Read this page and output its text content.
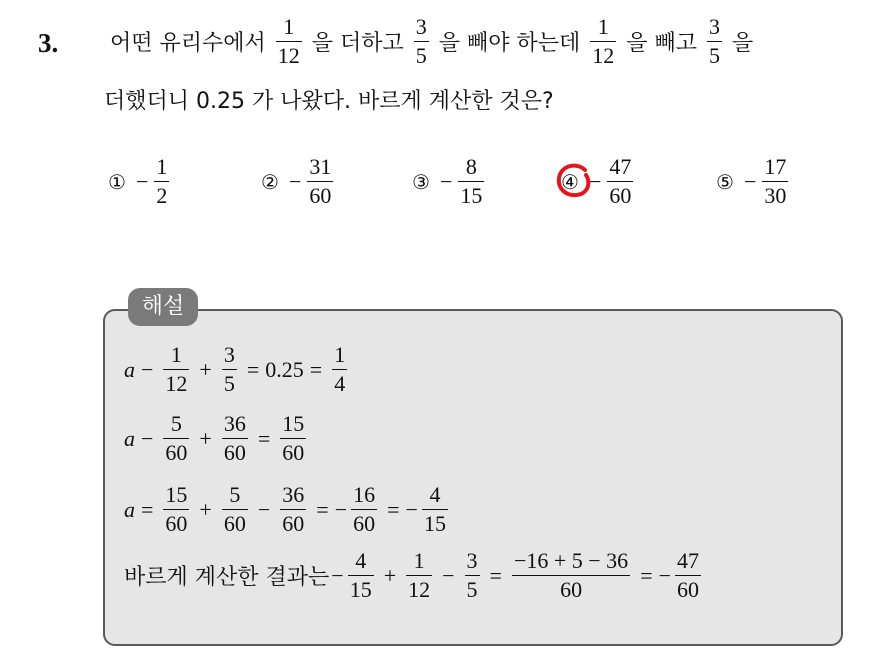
3. 어떤 유리수에서 $\frac{1}{12}$ 을 더하고 $\frac{3}{5}$ 을 빼야 하는데 $\frac{1}{12}$ 을 빼고 $\frac{3}{5}$ 을
더했더니 0.25 가 나왔다. 바르게 계산한 것은?
① − $\frac{1}{2}$	② − $\frac{31}{60}$	③ − $\frac{8}{15}$	④ − $\frac{47}{60}$	⑤ − $\frac{17}{30}$
해설
$a - \frac{1}{12} + \frac{3}{5} = 0.25 = \frac{1}{4}$
$a - \frac{5}{60} + \frac{36}{60} = \frac{15}{60}$
$a = \frac{15}{60} + \frac{5}{60} - \frac{36}{60}$ = − $\frac{16}{60}$ = − $\frac{4}{15}$
바르게 계산한 결과는 − $\frac{4}{15} + \frac{1}{12} - \frac{3}{5} = \frac{-16 + 5 - 36}{60}$ = − $\frac{47}{60}$
